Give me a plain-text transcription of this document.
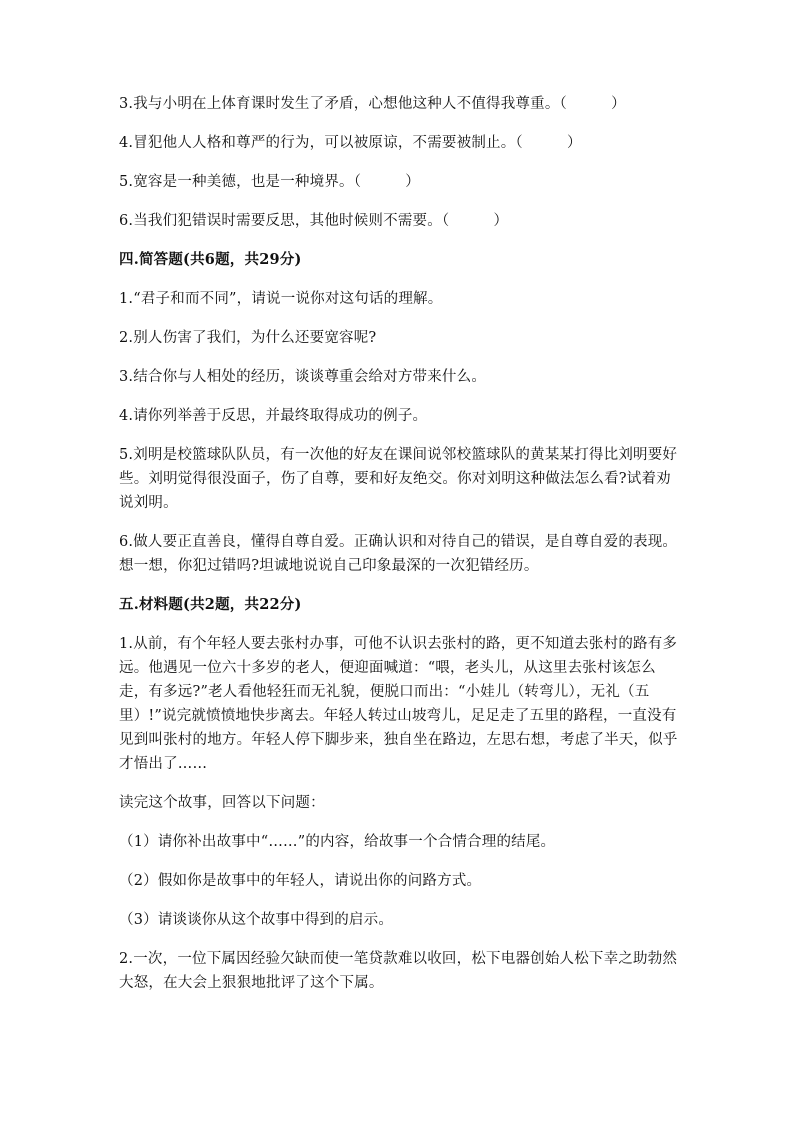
3.我与小明在上体育课时发生了矛盾，心想他这种人不值得我尊重。（　　　）
4.冒犯他人人格和尊严的行为，可以被原谅，不需要被制止。（　　　）
5.宽容是一种美德，也是一种境界。（　　　）
6.当我们犯错误时需要反思，其他时候则不需要。（　　　）
四.简答题(共6题，共29分)
1.“君子和而不同”，请说一说你对这句话的理解。
2.别人伤害了我们，为什么还要宽容呢?
3.结合你与人相处的经历，谈谈尊重会给对方带来什么。
4.请你列举善于反思，并最终取得成功的例子。
5.刘明是校篮球队队员，有一次他的好友在课间说邻校篮球队的黄某某打得比刘明要好些。刘明觉得很没面子，伤了自尊，要和好友绝交。你对刘明这种做法怎么看?试着劝说刘明。
6.做人要正直善良，懂得自尊自爱。正确认识和对待自己的错误，是自尊自爱的表现。想一想，你犯过错吗?坦诚地说说自己印象最深的一次犯错经历。
五.材料题(共2题，共22分)
1.从前，有个年轻人要去张村办事，可他不认识去张村的路，更不知道去张村的路有多远。他遇见一位六十多岁的老人，便迎面喊道：“喂，老头儿，从这里去张村该怎么走，有多远?”老人看他轻狂而无礼貌，便脱口而出：“小娃儿（转弯儿），无礼（五里）!”说完就愤愤地快步离去。年轻人转过山坡弯儿，足足走了五里的路程，一直没有见到叫张村的地方。年轻人停下脚步来，独自坐在路边，左思右想，考虑了半天，似乎才悟出了……
读完这个故事，回答以下问题：
（1）请你补出故事中“……”的内容，给故事一个合情合理的结尾。
（2）假如你是故事中的年轻人，请说出你的问路方式。
（3）请谈谈你从这个故事中得到的启示。
2.一次，一位下属因经验欠缺而使一笔贷款难以收回，松下电器创始人松下幸之助勃然大怒，在大会上狠狠地批评了这个下属。
